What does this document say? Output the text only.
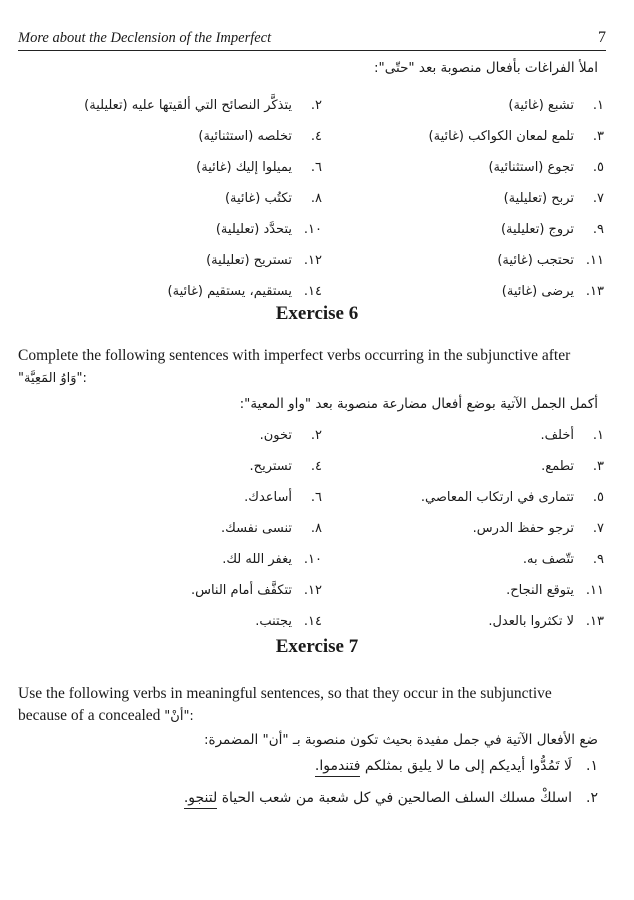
More about the Declension of the Imperfect	7
املأ الفراغات بأفعال منصوبة بعد "حتّى":
١.تشبع (غائية)
٣.تلمع لمعان الكواكب (غائية)
٥.تجوع (استثنائية)
٧.تربح (تعليلية)
٩.تروج (تعليلية)
١١.تحتجب (غائية)
١٣.يرضى (غائية)
٢.يتذكَّر النصائح التي ألقيتها عليه (تعليلية)
٤.تخلصه (استثنائية)
٦.يميلوا إليك (غائية)
٨.تكتُب (غائية)
١٠.يتحدَّد (تعليلية)
١٢.تستريح (تعليلية)
١٤.يستقيم، يستقيم (غائية)
Exercise 6
Complete the following sentences with imperfect verbs occurring in the subjunctive after
"وَاوُ المَعِيَّة":
أكمل الجمل الآتية بوضع أفعال مضارعة منصوبة بعد "واو المعية":
١.أخلف.
٣.تطمع.
٥.تتمارى في ارتكاب المعاصي.
٧.ترجو حفظ الدرس.
٩.تتّصف به.
١١.يتوقع النجاح.
١٣.لا تكثروا بالعدل.
٢.تخون.
٤.تستريح.
٦.أساعدك.
٨.تنسى نفسك.
١٠.يغفر الله لك.
١٢.تتكفَّف أمام الناس.
١٤.يجتنب.
Exercise 7
Use the following verbs in meaningful sentences, so that they occur in the subjunctive
because of a concealed "أنْ":
ضع الأفعال الآتية في جمل مفيدة بحيث تكون منصوبة بـ "أن" المضمرة:
١.لَا تَمُدُّوا أيديكم إلى ما لا يليق بمثلكم فتندموا.
٢.اسلكْ مسلك السلف الصالحين في كل شعبة من شعب الحياة لتنجو.
